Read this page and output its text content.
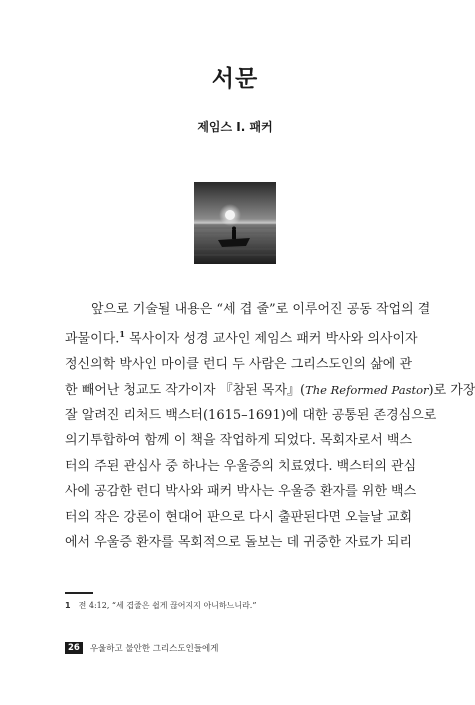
서문
제임스 I. 패커
앞으로 기술될 내용은 “세 겹 줄”로 이루어진 공동 작업의 결
과물이다.$^1$ 목사이자 성경 교사인 제임스 패커 박사와 의사이자
정신의학 박사인 마이클 런디 두 사람은 그리스도인의 삶에 관
한 빼어난 청교도 작가이자 『참된 목자』(The Reformed Pastor)로 가장
잘 알려진 리처드 백스터(1615–1691)에 대한 공통된 존경심으로
의기투합하여 함께 이 책을 작업하게 되었다. 목회자로서 백스
터의 주된 관심사 중 하나는 우울증의 치료였다. 백스터의 관심
사에 공감한 런디 박사와 패커 박사는 우울증 환자를 위한 백스
터의 작은 강론이 현대어 판으로 다시 출판된다면 오늘날 교회
에서 우울증 환자를 목회적으로 돌보는 데 귀중한 자료가 되리
1 전 4:12, “세 겹줄은 쉽게 끊어지지 아니하느니라.”
26	우울하고 불안한 그리스도인들에게
